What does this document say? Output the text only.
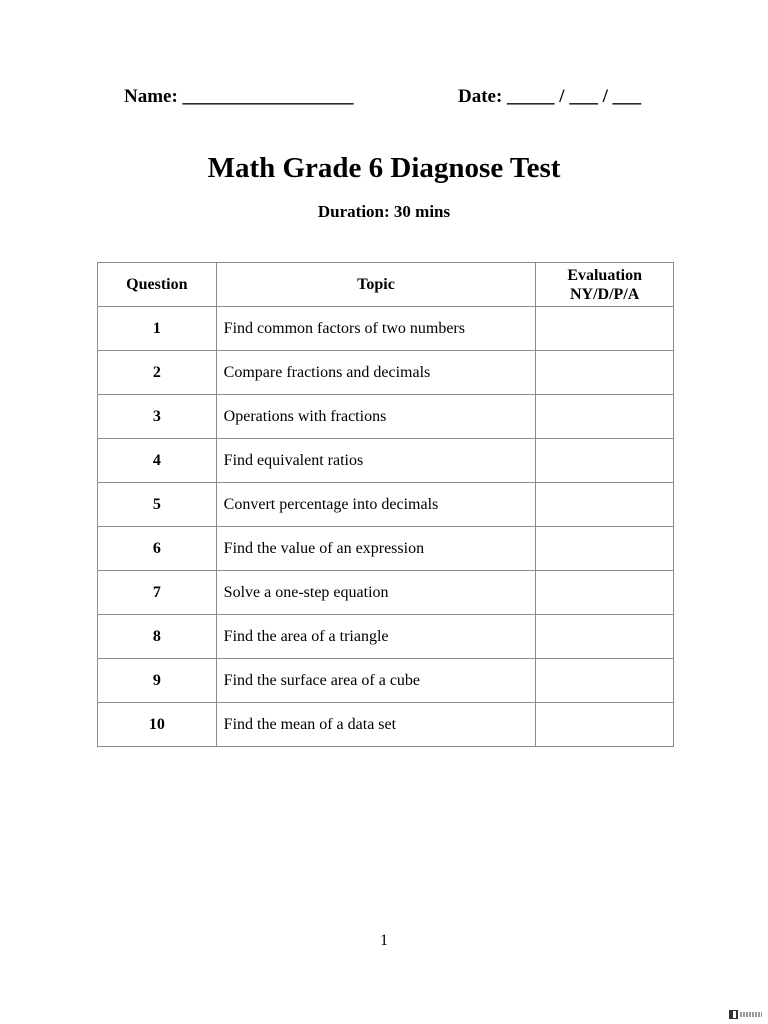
Name: __________________	Date: _____ / ___ / ___
Math Grade 6 Diagnose Test
Duration: 30 mins
Question	Topic	Evaluation
NY/D/P/A

1	Find common factors of two numbers	
2	Compare fractions and decimals	
3	Operations with fractions	
4	Find equivalent ratios	
5	Convert percentage into decimals	
6	Find the value of an expression	
7	Solve a one-step equation	
8	Find the area of a triangle	
9	Find the surface area of a cube	
10	Find the mean of a data set	
1
